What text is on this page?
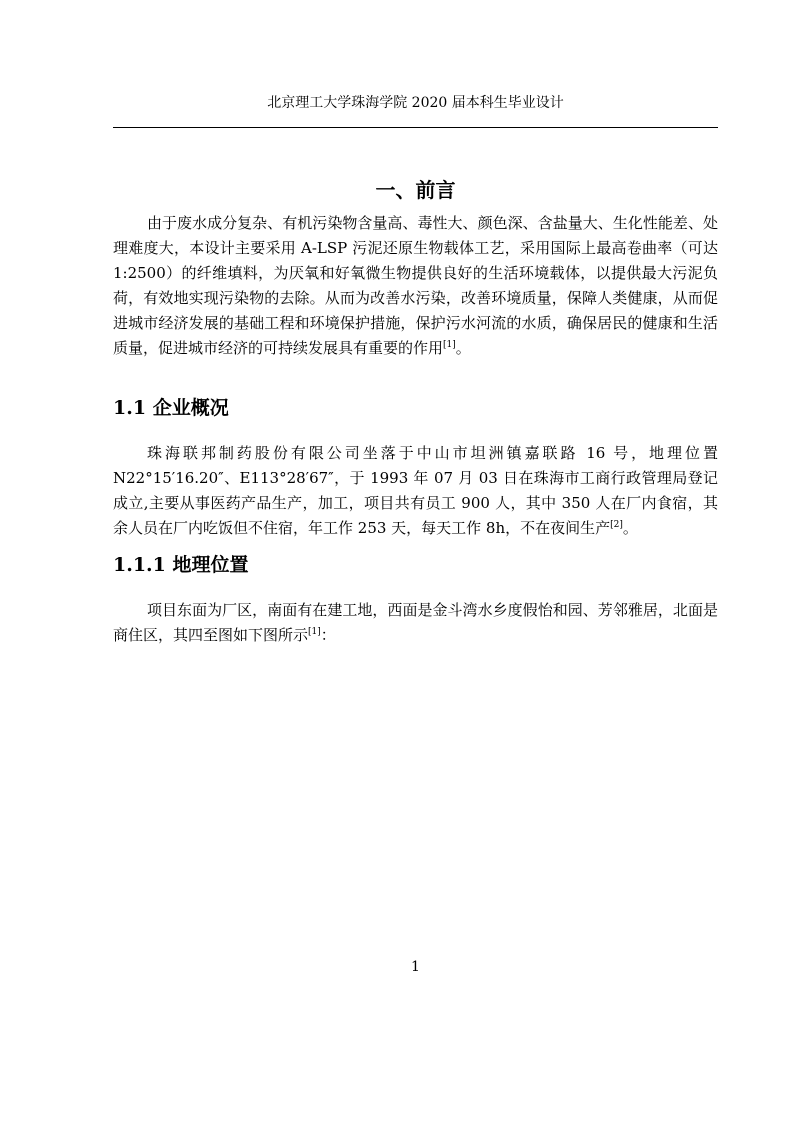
北京理工大学珠海学院 2020 届本科生毕业设计
一、前言

由于废水成分复杂、有机污染物含量高、毒性大、颜色深、含盐量大、生化性能差、处理难度大，本设计主要采用 A-LSP 污泥还原生物载体工艺，采用国际上最高卷曲率（可达 1:2500）的纤维填料，为厌氧和好氧微生物提供良好的生活环境载体，以提供最大污泥负荷，有效地实现污染物的去除。从而为改善水污染，改善环境质量，保障人类健康，从而促进城市经济发展的基础工程和环境保护措施，保护污水河流的水质，确保居民的健康和生活质量，促进城市经济的可持续发展具有重要的作用[1]。

1.1 企业概况

珠海联邦制药股份有限公司坐落于中山市坦洲镇嘉联路 16 号，地理位置 N22°15′16.20″、E113°28′67″，于 1993 年 07 月 03 日在珠海市工商行政管理局登记成立,主要从事医药产品生产，加工，项目共有员工 900 人，其中 350 人在厂内食宿，其余人员在厂内吃饭但不住宿，年工作 253 天，每天工作 8h，不在夜间生产[2]。

1.1.1 地理位置

项目东面为厂区，南面有在建工地，西面是金斗湾水乡度假怡和园、芳邻雅居，北面是商住区，其四至图如下图所示[1]：

1
